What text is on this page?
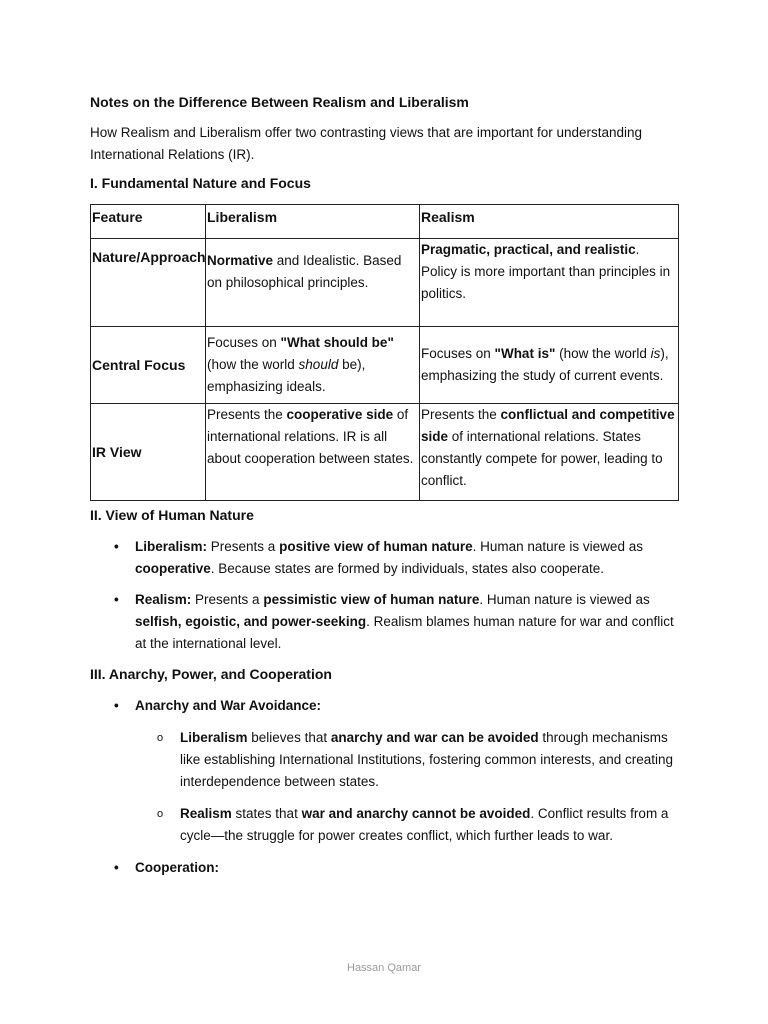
Notes on the Difference Between Realism and Liberalism
How Realism and Liberalism offer two contrasting views that are important for understanding International Relations (IR).
I. Fundamental Nature and Focus
Feature	Liberalism	Realism
Nature/Approach	Normative and Idealistic. Based on philosophical principles.	Pragmatic, practical, and realistic. Policy is more important than principles in politics.
Central Focus	Focuses on "What should be" (how the world should be), emphasizing ideals.	Focuses on "What is" (how the world is), emphasizing the study of current events.
IR View	Presents the cooperative side of international relations. IR is all about cooperation between states.	Presents the conflictual and competitive side of international relations. States constantly compete for power, leading to conflict.
II. View of Human Nature
• Liberalism: Presents a positive view of human nature. Human nature is viewed as cooperative. Because states are formed by individuals, states also cooperate.
• Realism: Presents a pessimistic view of human nature. Human nature is viewed as selfish, egoistic, and power-seeking. Realism blames human nature for war and conflict at the international level.
III. Anarchy, Power, and Cooperation
• Anarchy and War Avoidance:
o Liberalism believes that anarchy and war can be avoided through mechanisms like establishing International Institutions, fostering common interests, and creating interdependence between states.
o Realism states that war and anarchy cannot be avoided. Conflict results from a cycle—the struggle for power creates conflict, which further leads to war.
• Cooperation:
Hassan Qamar
